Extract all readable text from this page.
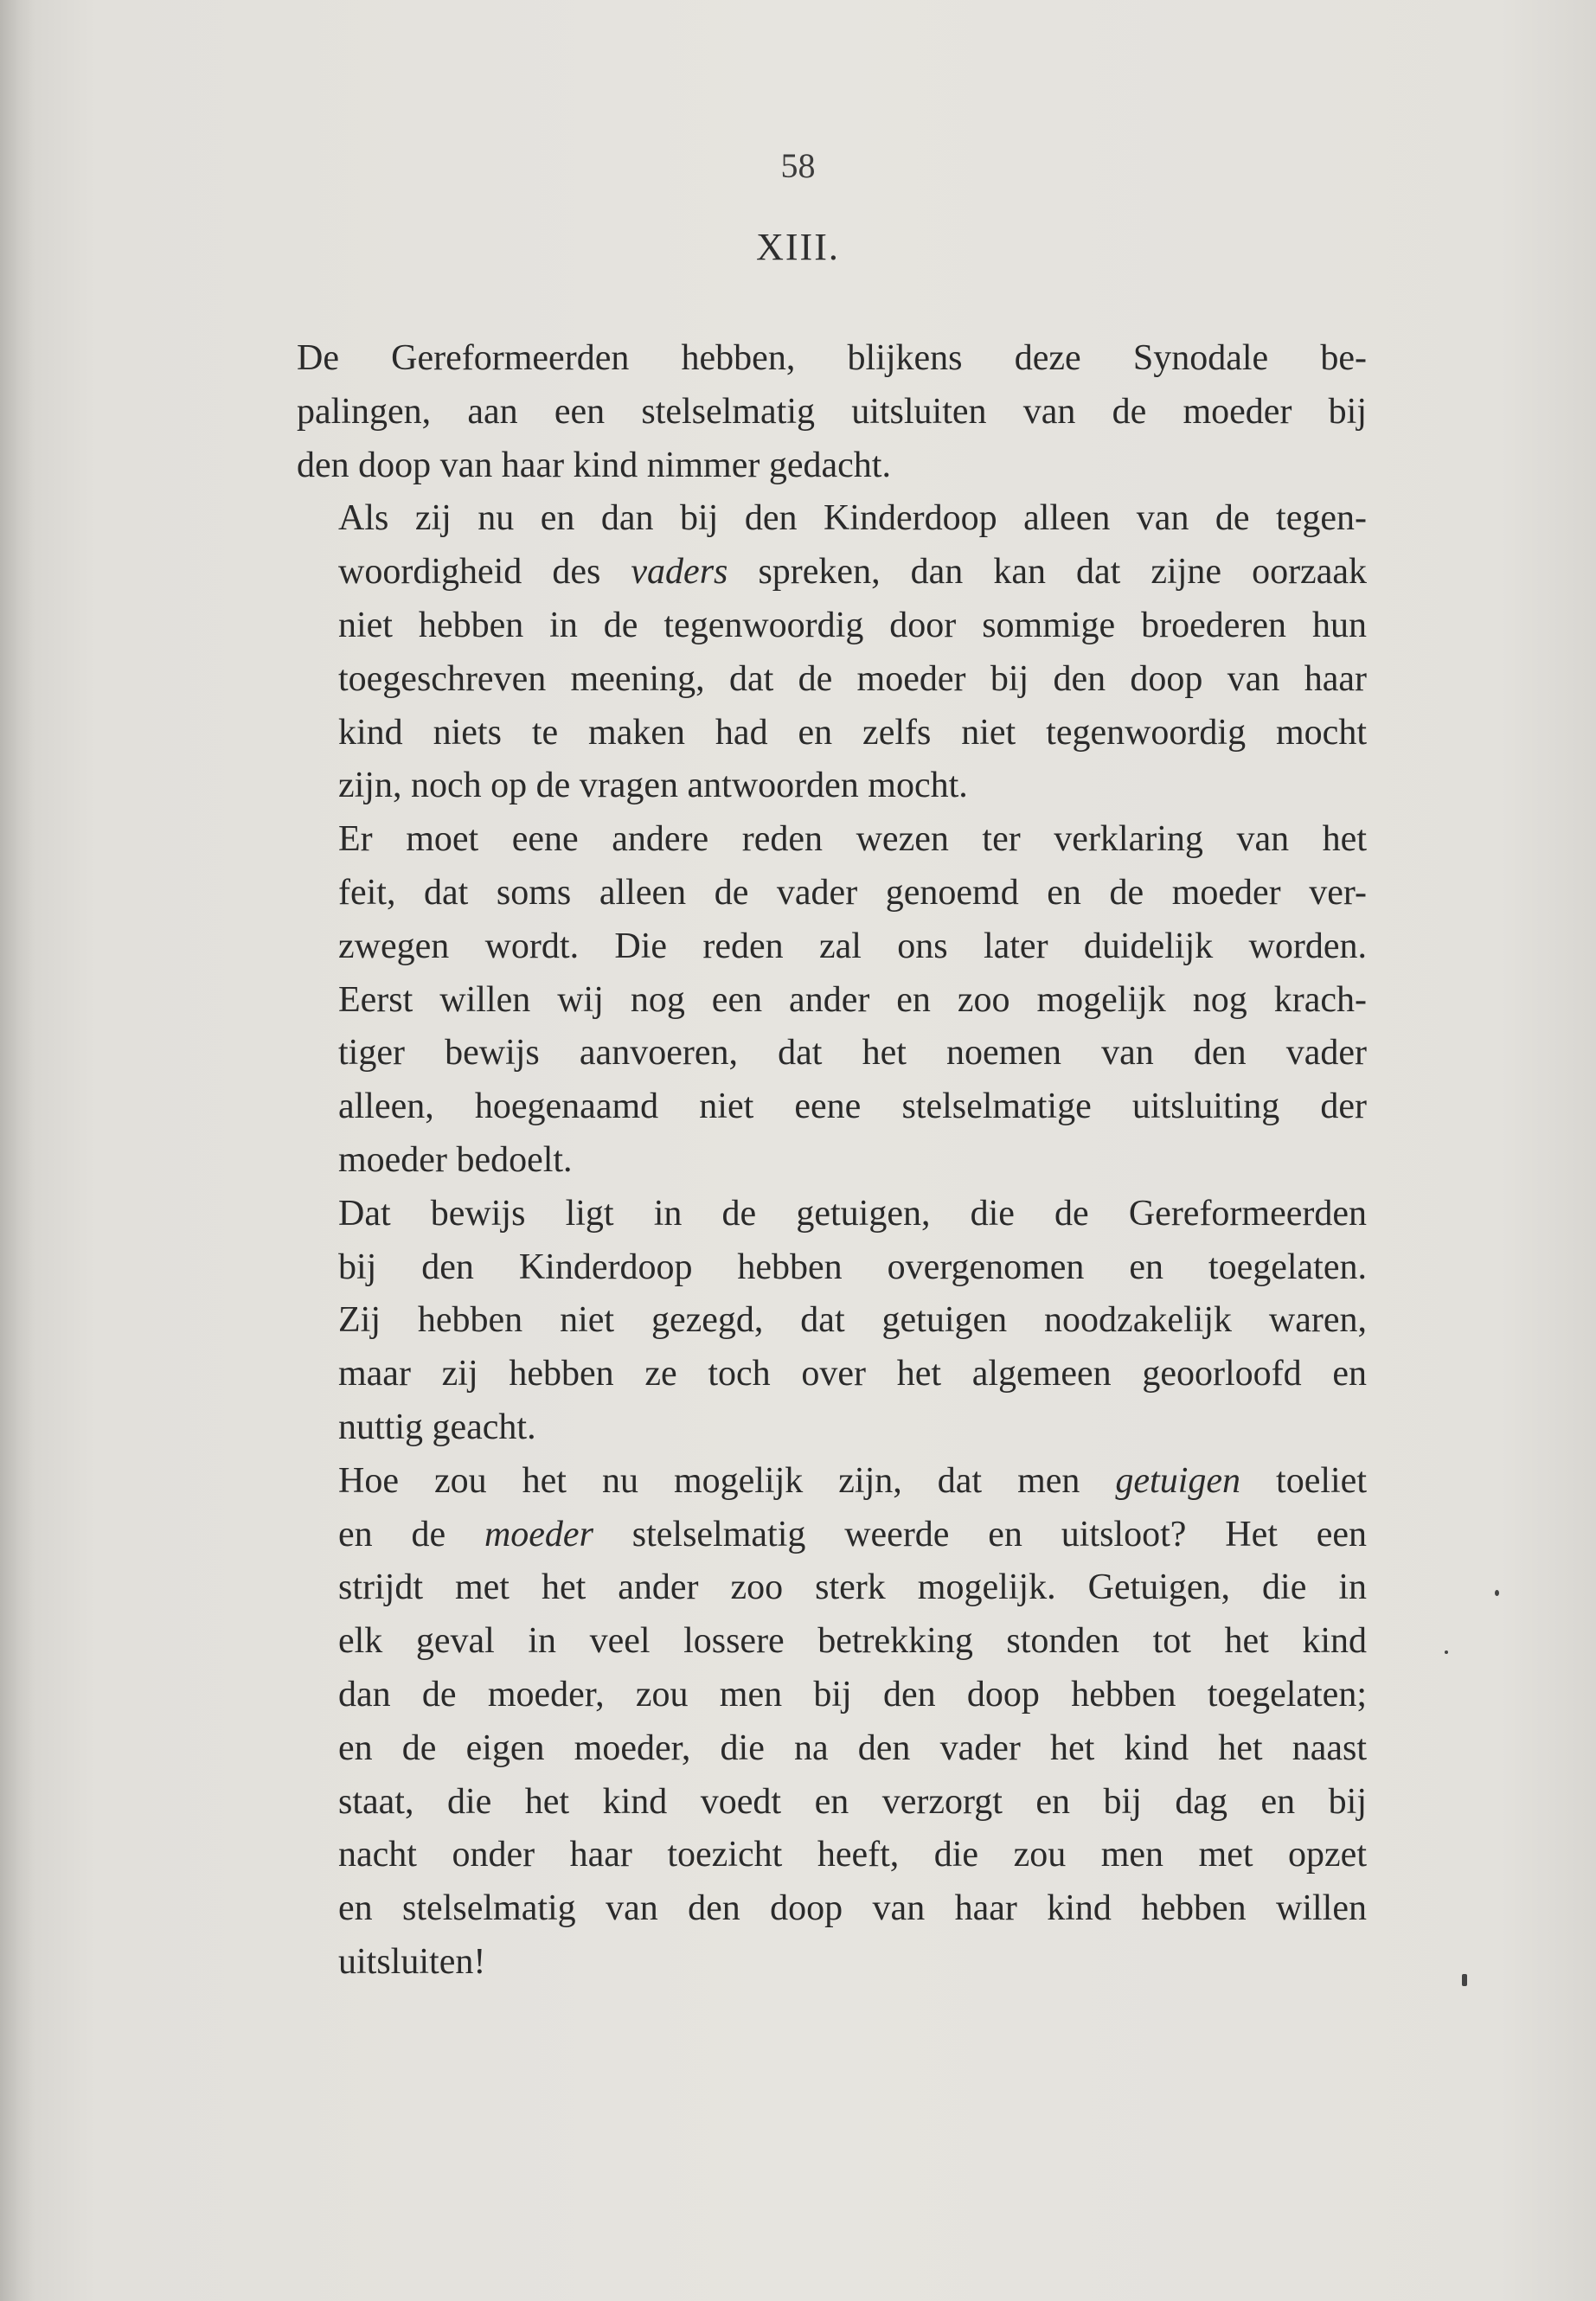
58
XIII.

De Gereformeerden hebben, blijkens deze Synodale be-
palingen, aan een stelselmatig uitsluiten van de moeder bij
den doop van haar kind nimmer gedacht.

Als zij nu en dan bij den Kinderdoop alleen van de tegen-
woordigheid des vaders spreken, dan kan dat zijne oorzaak
niet hebben in de tegenwoordig door sommige broederen hun
toegeschreven meening, dat de moeder bij den doop van haar
kind niets te maken had en zelfs niet tegenwoordig mocht
zijn, noch op de vragen antwoorden mocht.

Er moet eene andere reden wezen ter verklaring van het
feit, dat soms alleen de vader genoemd en de moeder ver-
zwegen wordt. Die reden zal ons later duidelijk worden.
Eerst willen wij nog een ander en zoo mogelijk nog krach-
tiger bewijs aanvoeren, dat het noemen van den vader
alleen, hoegenaamd niet eene stelselmatige uitsluiting der
moeder bedoelt.

Dat bewijs ligt in de getuigen, die de Gereformeerden
bij den Kinderdoop hebben overgenomen en toegelaten.
Zij hebben niet gezegd, dat getuigen noodzakelijk waren,
maar zij hebben ze toch over het algemeen geoorloofd en
nuttig geacht.

Hoe zou het nu mogelijk zijn, dat men getuigen toeliet
en de moeder stelselmatig weerde en uitsloot? Het een
strijdt met het ander zoo sterk mogelijk. Getuigen, die in
elk geval in veel lossere betrekking stonden tot het kind
dan de moeder, zou men bij den doop hebben toegelaten;
en de eigen moeder, die na den vader het kind het naast
staat, die het kind voedt en verzorgt en bij dag en bij
nacht onder haar toezicht heeft, die zou men met opzet
en stelselmatig van den doop van haar kind hebben willen
uitsluiten!
